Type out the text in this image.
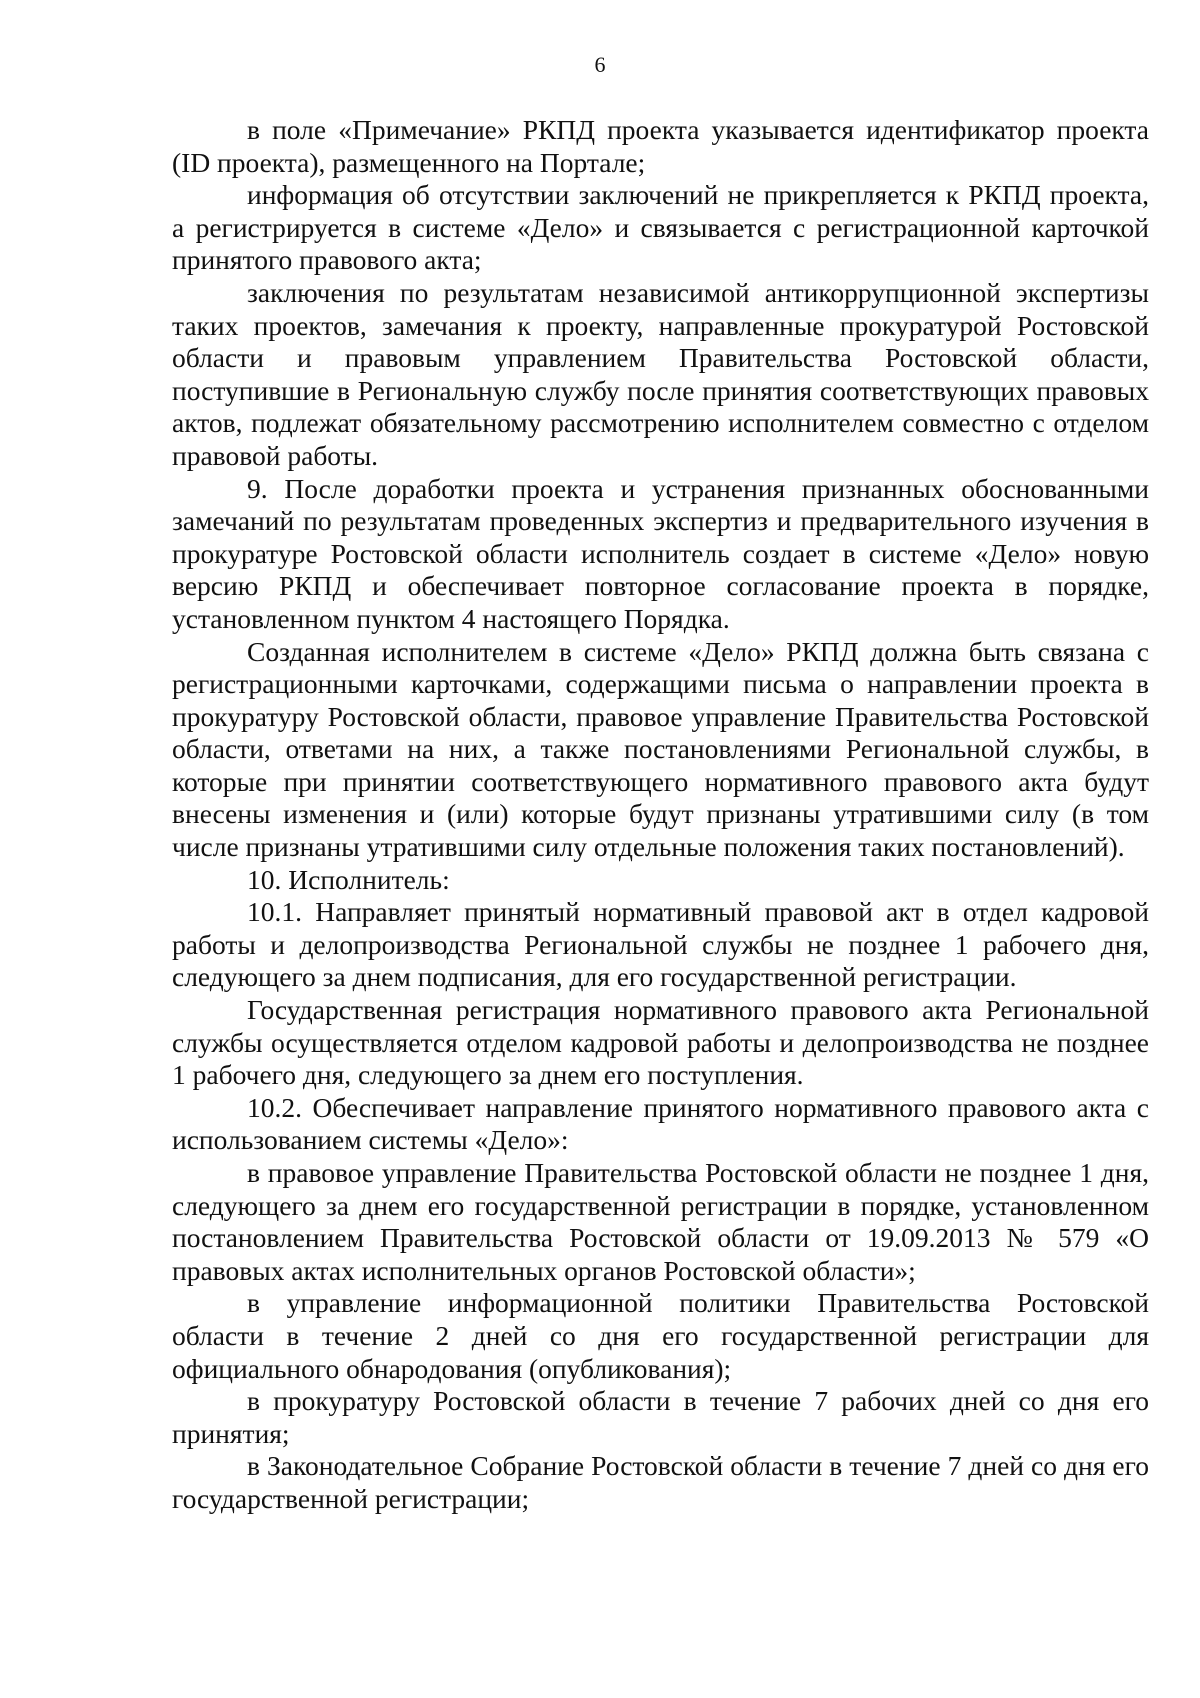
6

в поле «Примечание» РКПД проекта указывается идентификатор проекта (ID проекта), размещенного на Портале;

информация об отсутствии заключений не прикрепляется к РКПД проекта, а регистрируется в системе «Дело» и связывается с регистрационной карточкой принятого правового акта;

заключения по результатам независимой антикоррупционной экспертизы таких проектов, замечания к проекту, направленные прокуратурой Ростовской области и правовым управлением Правительства Ростовской области, поступившие в Региональную службу после принятия соответствующих правовых актов, подлежат обязательному рассмотрению исполнителем совместно с отделом правовой работы.

9. После доработки проекта и устранения признанных обоснованными замечаний по результатам проведенных экспертиз и предварительного изучения в прокуратуре Ростовской области исполнитель создает в системе «Дело» новую версию РКПД и обеспечивает повторное согласование проекта в порядке, установленном пунктом 4 настоящего Порядка.

Созданная исполнителем в системе «Дело» РКПД должна быть связана с регистрационными карточками, содержащими письма о направлении проекта в прокуратуру Ростовской области, правовое управление Правительства Ростовской области, ответами на них, а также постановлениями Региональной службы, в которые при принятии соответствующего нормативного правового акта будут внесены изменения и (или) которые будут признаны утратившими силу (в том числе признаны утратившими силу отдельные положения таких постановлений).

10. Исполнитель:

10.1. Направляет принятый нормативный правовой акт в отдел кадровой работы и делопроизводства Региональной службы не позднее 1 рабочего дня, следующего за днем подписания, для его государственной регистрации.

Государственная регистрация нормативного правового акта Региональной службы осуществляется отделом кадровой работы и делопроизводства не позднее 1 рабочего дня, следующего за днем его поступления.

10.2. Обеспечивает направление принятого нормативного правового акта с использованием системы «Дело»:

в правовое управление Правительства Ростовской области не позднее 1 дня, следующего за днем его государственной регистрации в порядке, установленном постановлением Правительства Ростовской области от 19.09.2013 № 579 «О правовых актах исполнительных органов Ростовской области»;

в управление информационной политики Правительства Ростовской области в течение 2 дней со дня его государственной регистрации для официального обнародования (опубликования);

в прокуратуру Ростовской области в течение 7 рабочих дней со дня его принятия;

в Законодательное Собрание Ростовской области в течение 7 дней со дня его государственной регистрации;
